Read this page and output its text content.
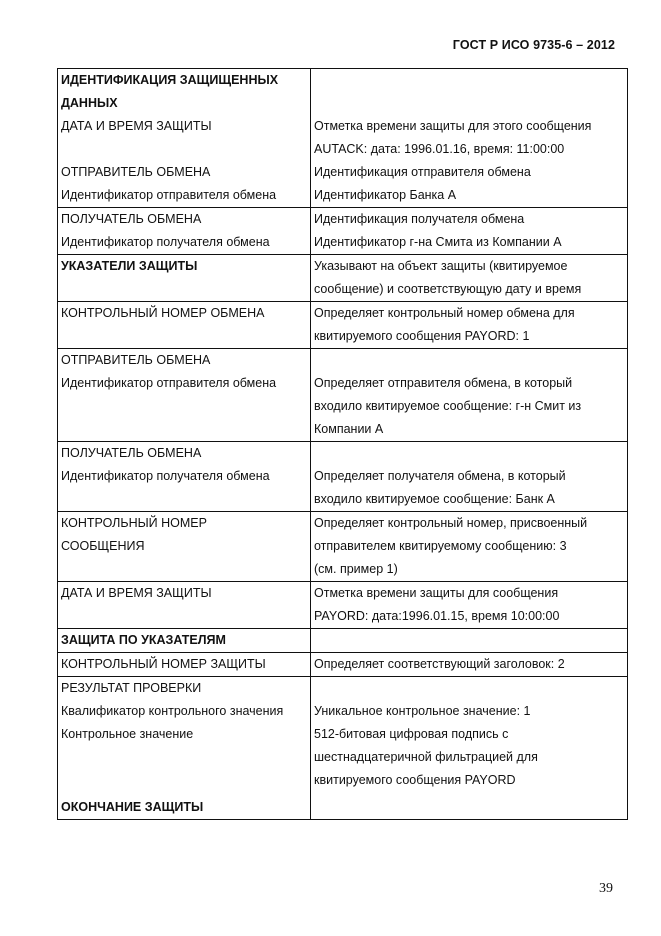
ГОСТ Р ИСО 9735-6 – 2012
ИДЕНТИФИКАЦИЯ ЗАЩИЩЕННЫХ
ДАННЫХ	

ДАТА И ВРЕМЯ ЗАЩИТЫ	Отметка времени защиты для этого сообщения
AUTACK: дата: 1996.01.16, время: 11:00:00

ОТПРАВИТЕЛЬ ОБМЕНА	Идентификация отправителя обмена

Идентификатор отправителя обмена	Идентификатор Банка А

ПОЛУЧАТЕЛЬ ОБМЕНА	Идентификация получателя обмена

Идентификатор получателя обмена	Идентификатор г-на Смита из Компании А

УКАЗАТЕЛИ ЗАЩИТЫ	Указывают на объект защиты (квитируемое
сообщение) и соответствующую дату и время

КОНТРОЛЬНЫЙ НОМЕР ОБМЕНА	Определяет контрольный номер обмена для
квитируемого сообщения PAYORD: 1

ОТПРАВИТЕЛЬ ОБМЕНА	

Идентификатор отправителя обмена	Определяет отправителя обмена, в который
входило квитируемое сообщение: г-н Смит из
Компании А

ПОЛУЧАТЕЛЬ ОБМЕНА	

Идентификатор получателя обмена	Определяет получателя обмена, в который
входило квитируемое сообщение: Банк А

КОНТРОЛЬНЫЙ НОМЕР
СООБЩЕНИЯ	Определяет контрольный номер, присвоенный
отправителем квитируемому сообщению: 3
(см. пример 1)

ДАТА И ВРЕМЯ ЗАЩИТЫ	Отметка времени защиты для сообщения
PAYORD: дата:1996.01.15, время 10:00:00

ЗАЩИТА ПО УКАЗАТЕЛЯМ	

КОНТРОЛЬНЫЙ НОМЕР ЗАЩИТЫ	Определяет соответствующий заголовок: 2

РЕЗУЛЬТАТ ПРОВЕРКИ	

Квалификатор контрольного значения	Уникальное контрольное значение: 1

Контрольное значение	512-битовая цифровая подпись с
шестнадцатеричной фильтрацией для
квитируемого сообщения PAYORD

ОКОНЧАНИЕ ЗАЩИТЫ	

39
